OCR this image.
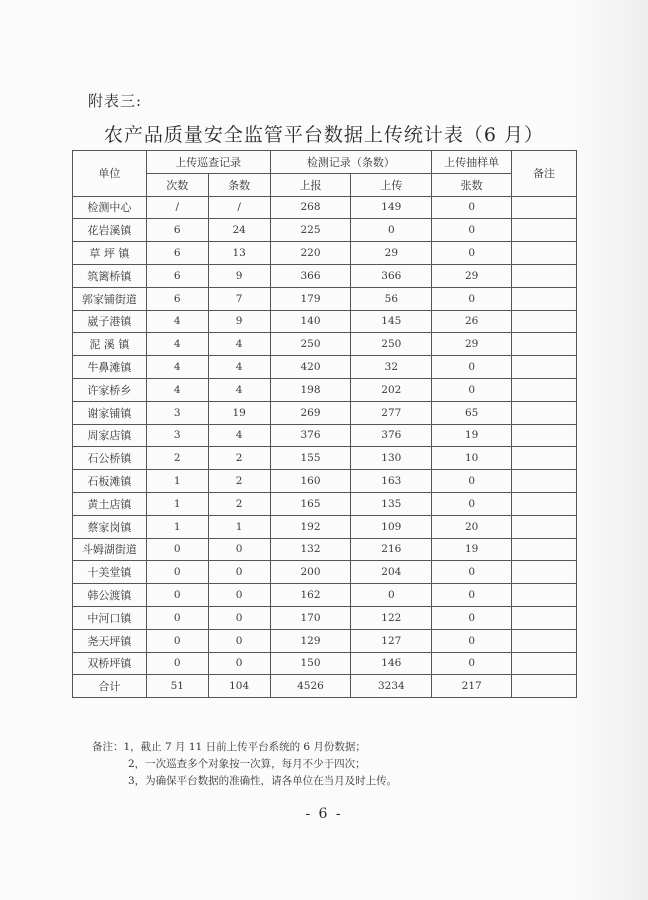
附表三:
农产品质量安全监管平台数据上传统计表（6 月）
单位	上传巡查记录		检测记录（条数）		上传抽样单	备注
	次数	条数	上报	上传	张数	
检测中心	/	/	268	149	0	
花岩溪镇	6	24	225	0	0	
草 坪 镇	6	13	220	29	0	
筑篱桥镇	6	9	366	366	29	
郭家铺街道	6	7	179	56	0	
崴子港镇	4	9	140	145	26	
泥 溪 镇	4	4	250	250	29	
牛鼻滩镇	4	4	420	32	0	
许家桥乡	4	4	198	202	0	
谢家铺镇	3	19	269	277	65	
周家店镇	3	4	376	376	19	
石公桥镇	2	2	155	130	10	
石板滩镇	1	2	160	163	0	
黄土店镇	1	2	165	135	0	
蔡家岗镇	1	1	192	109	20	
斗姆湖街道	0	0	132	216	19	
十美堂镇	0	0	200	204	0	
韩公渡镇	0	0	162	0	0	
中河口镇	0	0	170	122	0	
尧天坪镇	0	0	129	127	0	
双桥坪镇	0	0	150	146	0	
合计	51	104	4526	3234	217	
备注：1，截止 7 月 11 日前上传平台系统的 6 月份数据；
2，一次巡查多个对象按一次算，每月不少于四次；
3，为确保平台数据的准确性，请各单位在当月及时上传。
- 6 -
